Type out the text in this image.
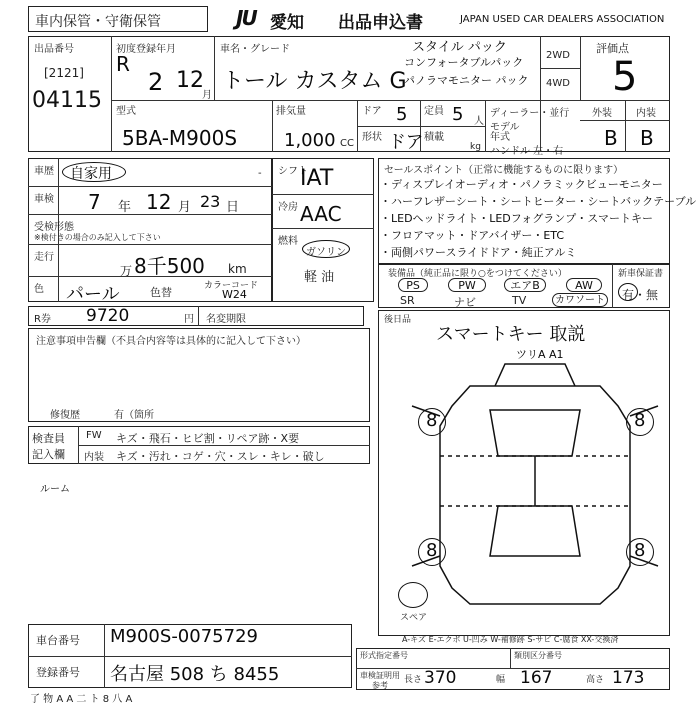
車内保管・守衛保管	JU 愛知 出品申込書	JAPAN USED CAR DEALERS ASSOCIATION
出品番号
[2121]
04115
初度登録年月
R
2 12
月
車名・グレード
トール カスタム G
スタイル パック
コンフォータブルパック
パノラマモニター パック
2WD
4WD
評価点
5
型式
5BA-M900S
排気量
1,000 CC
ドア 5
形状 ドア
定員 5 人
積載
kg
ディーラー・並行
モデル
年式
ハンドル 左・右
外装 内装
B B
車歴 自家用	-
車検 7 年 12 月 23 日
受検形態
※検付きの場合のみ記入して下さい
走行
万 8千500 km
色 パール	色替	カラーコード
W24
シフト
IAT
冷房 AAC
燃料
ガソリン
軽 油
セールスポイント（正常に機能するものに限ります）
・ディスプレイオーディオ・パノラミックビューモニター
・ハーフレザーシート・シートヒーター・シートバックテーブル
・LEDヘッドライト・LEDフォグランプ・スマートキー
・フロアマット・ドアバイザー・ETC
・両側パワースライドドア・純正アルミ
装備品（純正品に限り○をつけてください）
PS	PW	エアB	AW
SR	ナビ	TV	カワソート
新車保証書
有・無
R券 9720	円 名変期限
注意事項申告欄（不具合内容等は具体的に記入して下さい）
修復歴	有（箇所
検査員
記入欄
FW キズ・飛石・ヒビ割・リペア跡・X要
内装 キズ・汚れ・コゲ・穴・スレ・キレ・破し
ルーム
後日品
スマートキー 取説
ツリA A1
8	8
8	8
スペア
A-キズ E-エクボ U-凹み W-補修跡 S-サビ C-腐食 XX-交換済
車台番号 M900S-0075729
登録番号 名古屋 508 ち 8455
形式指定番号	類別区分番号
車検証明用
参考
長さ 370	幅 167	高さ 173
了 物 A A 二 ト 8 八 A
